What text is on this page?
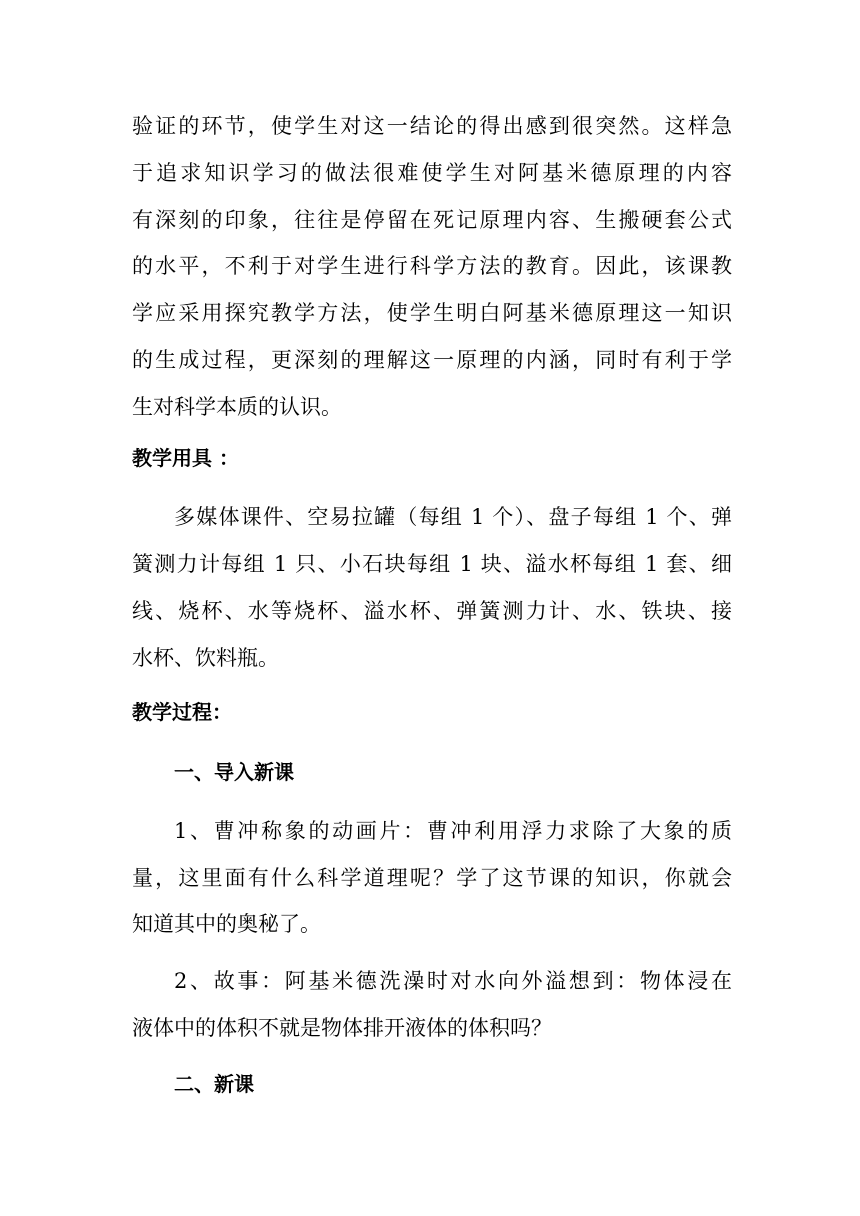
验证的环节，使学生对这一结论的得出感到很突然。这样急
于追求知识学习的做法很难使学生对阿基米德原理的内容
有深刻的印象，往往是停留在死记原理内容、生搬硬套公式
的水平，不利于对学生进行科学方法的教育。因此，该课教
学应采用探究教学方法，使学生明白阿基米德原理这一知识
的生成过程，更深刻的理解这一原理的内涵，同时有利于学
生对科学本质的认识。
教学用具 ：
多媒体课件、空易拉罐（每组 1 个）、盘子每组 1 个、弹
簧测力计每组 1 只、小石块每组 1 块、溢水杯每组 1 套、细
线、烧杯、水等烧杯、溢水杯、弹簧测力计、水、铁块、接
水杯、饮料瓶。
教学过程：
一、导入新课
1、曹冲称象的动画片：曹冲利用浮力求除了大象的质
量，这里面有什么科学道理呢？学了这节课的知识，你就会
知道其中的奥秘了。
2、故事：阿基米德洗澡时对水向外溢想到：物体浸在
液体中的体积不就是物体排开液体的体积吗？
二、新课
